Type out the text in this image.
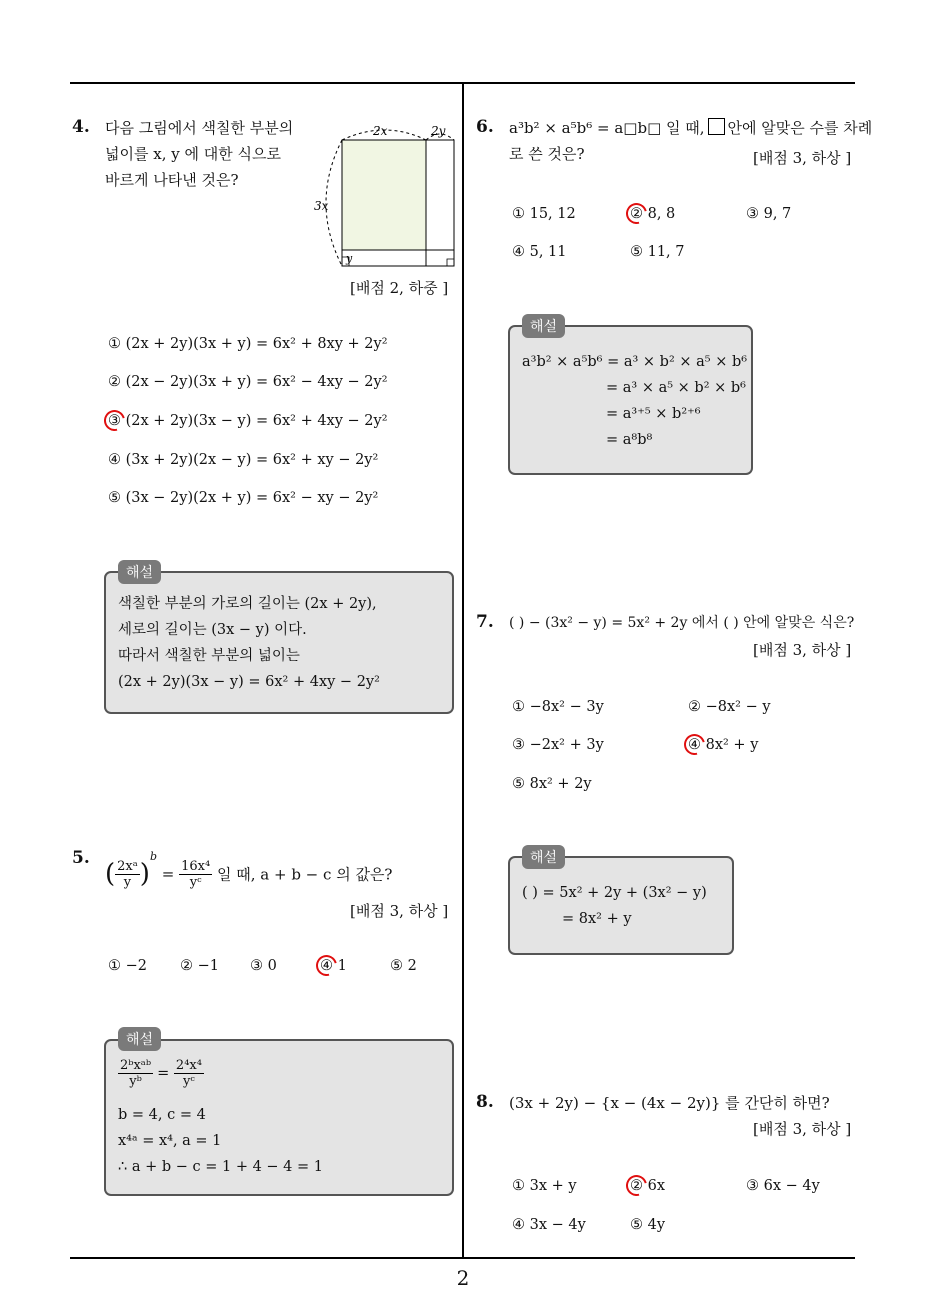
4. 다음 그림에서 색칠한 부분의
넓이를 x, y 에 대한 식으로
바르게 나타낸 것은?
2x	2y
3x
y
[배점 2, 하중 ]
① (2x + 2y)(3x + y) = 6x² + 8xy + 2y²
② (2x − 2y)(3x + y) = 6x² − 4xy − 2y²
③ (2x + 2y)(3x − y) = 6x² + 4xy − 2y²
④ (3x + 2y)(2x − y) = 6x² + xy − 2y²
⑤ (3x − 2y)(2x + y) = 6x² − xy − 2y²
해설
색칠한 부분의 가로의 길이는 (2x + 2y),
세로의 길이는 (3x − y) 이다.
따라서 색칠한 부분의 넓이는
(2x + 2y)(3x − y) = 6x² + 4xy − 2y²
5.
( $\frac{\text{2xᵃ}}{y} )^b = \frac{\text{16x⁴}}{\text{yᶜ}}$ 일 때, a + b − c 의 값은?
[배점 3, 하상 ]
① −2 ② −1 ③ 0	④ 1	⑤ 2
해설
$\frac{\text{2ᵇxᵃᵇ}}{\text{yᵇ}} = \frac{\text{2⁴x⁴}}{\text{yᶜ}}$
b = 4, c = 4
x⁴ᵃ = x⁴, a = 1
∴ a + b − c = 1 + 4 − 4 = 1
6. a³b² × a⁵b⁶ = a□b□ 일 때, 안에 알맞은 수를 차례
로 쓴 것은?	[배점 3, 하상 ]
① 15, 12	② 8, 8	③ 9, 7
④ 5, 11	⑤ 11, 7
해설
a³b² × a⁵b⁶ = a³ × b² × a⁵ × b⁶
= a³ × a⁵ × b² × b⁶
= a³⁺⁵ × b²⁺⁶
= a⁸b⁸
7. ( ) − (3x² − y) = 5x² + 2y 에서 ( ) 안에 알맞은 식은?
[배점 3, 하상 ]
① −8x² − 3y	② −8x² − y
③ −2x² + 3y	④ 8x² + y
⑤ 8x² + 2y
해설
( ) = 5x² + 2y + (3x² − y)
= 8x² + y
8. (3x + 2y) − {x − (4x − 2y)} 를 간단히 하면?
[배점 3, 하상 ]
① 3x + y	② 6x	③ 6x − 4y
④ 3x − 4y	⑤ 4y
2
